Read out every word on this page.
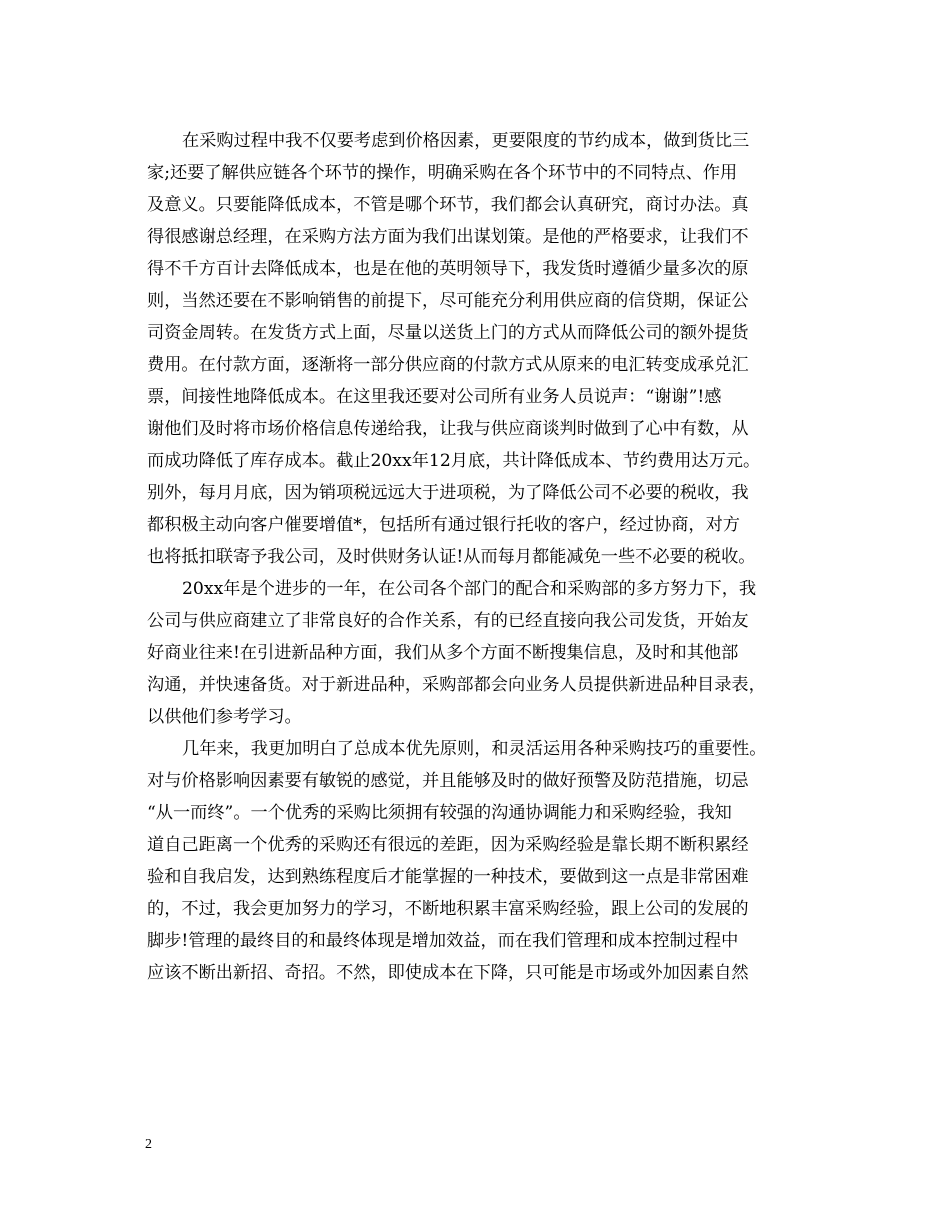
在采购过程中我不仅要考虑到价格因素，更要限度的节约成本，做到货比三
家;还要了解供应链各个环节的操作，明确采购在各个环节中的不同特点、作用
及意义。只要能降低成本，不管是哪个环节，我们都会认真研究，商讨办法。真
得很感谢总经理，在采购方法方面为我们出谋划策。是他的严格要求，让我们不
得不千方百计去降低成本，也是在他的英明领导下，我发货时遵循少量多次的原
则，当然还要在不影响销售的前提下，尽可能充分利用供应商的信贷期，保证公
司资金周转。在发货方式上面，尽量以送货上门的方式从而降低公司的额外提货
费用。在付款方面，逐渐将一部分供应商的付款方式从原来的电汇转变成承兑汇
票，间接性地降低成本。在这里我还要对公司所有业务人员说声：“谢谢”!感
谢他们及时将市场价格信息传递给我，让我与供应商谈判时做到了心中有数，从
而成功降低了库存成本。截止20xx年12月底，共计降低成本、节约费用达万元。
别外，每月月底，因为销项税远远大于进项税，为了降低公司不必要的税收，我
都积极主动向客户催要增值*，包括所有通过银行托收的客户，经过协商，对方
也将抵扣联寄予我公司，及时供财务认证!从而每月都能减免一些不必要的税收。
20xx年是个进步的一年，在公司各个部门的配合和采购部的多方努力下，我
公司与供应商建立了非常良好的合作关系，有的已经直接向我公司发货，开始友
好商业往来!在引进新品种方面，我们从多个方面不断搜集信息，及时和其他部
沟通，并快速备货。对于新进品种，采购部都会向业务人员提供新进品种目录表，
以供他们参考学习。
几年来，我更加明白了总成本优先原则，和灵活运用各种采购技巧的重要性。
对与价格影响因素要有敏锐的感觉，并且能够及时的做好预警及防范措施，切忌
“从一而终”。一个优秀的采购比须拥有较强的沟通协调能力和采购经验，我知
道自己距离一个优秀的采购还有很远的差距，因为采购经验是靠长期不断积累经
验和自我启发，达到熟练程度后才能掌握的一种技术，要做到这一点是非常困难
的，不过，我会更加努力的学习，不断地积累丰富采购经验，跟上公司的发展的
脚步!管理的最终目的和最终体现是增加效益，而在我们管理和成本控制过程中
应该不断出新招、奇招。不然，即使成本在下降，只可能是市场或外加因素自然
2
